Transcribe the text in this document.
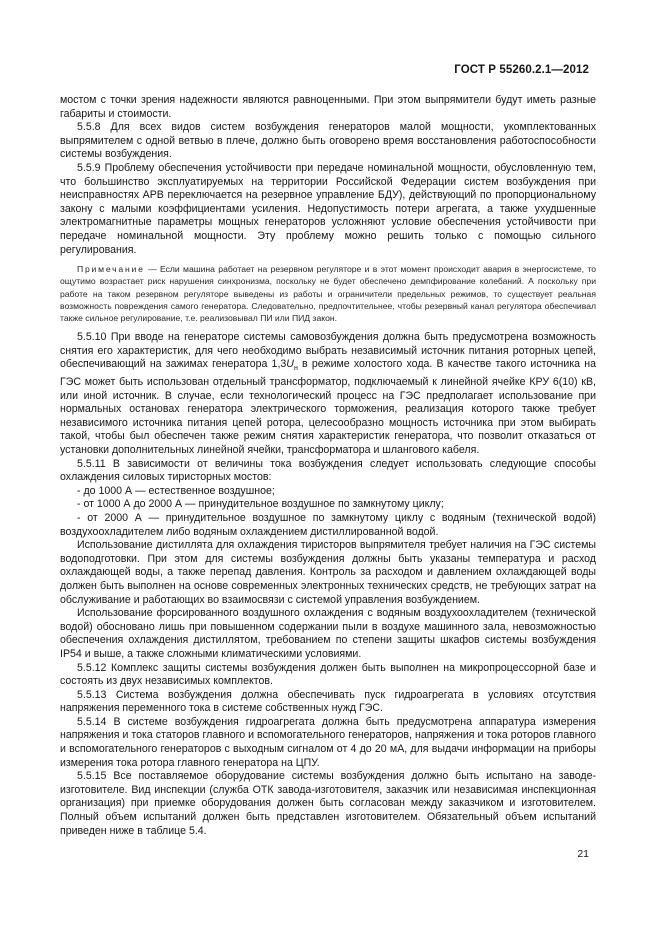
ГОСТ Р 55260.2.1—2012

мостом с точки зрения надежности являются равноценными. При этом выпрямители будут иметь разные габариты и стоимости.

5.5.8 Для всех видов систем возбуждения генераторов малой мощности, укомплектованных выпрямителем с одной ветвью в плече, должно быть оговорено время восстановления работоспособности системы возбуждения.

5.5.9 Проблему обеспечения устойчивости при передаче номинальной мощности, обусловленную тем, что большинство эксплуатируемых на территории Российской Федерации систем возбуждения при неисправностях АРВ переключается на резервное управление БДУ), действующий по пропорциональному закону с малыми коэффициентами усиления. Недопустимость потери агрегата, а также ухудшенные электромагнитные параметры мощных генераторов усложняют условие обеспечения устойчивости при передаче номинальной мощности. Эту проблему можно решить только с помощью сильного регулирования.

Примечание — Если машина работает на резервном регуляторе и в этот момент происходит авария в энергосистеме, то ощутимо возрастает риск нарушения синхронизма, поскольку не будет обеспечено демпфирование колебаний. А поскольку при работе на таком резервном регуляторе выведены из работы и ограничители предельных режимов, то существует реальная возможность повреждения самого генератора. Следовательно, предпочтительнее, чтобы резервный канал регулятора обеспечивал также сильное регулирование, т.е. реализовывал ПИ или ПИД закон.

5.5.10 При вводе на генераторе системы самовозбуждения должна быть предусмотрена возможность снятия его характеристик, для чего необходимо выбрать независимый источник питания роторных цепей, обеспечивающий на зажимах генератора $1,3U_н$ в режиме холостого хода. В качестве такого источника на ГЭС может быть использован отдельный трансформатор, подключаемый к линейной ячейке КРУ 6(10) кВ, или иной источник. В случае, если технологический процесс на ГЭС предполагает использование при нормальных остановах генератора электрического торможения, реализация которого также требует независимого источника питания цепей ротора, целесообразно мощность источника при этом выбирать такой, чтобы был обеспечен также режим снятия характеристик генератора, что позволит отказаться от установки дополнительных линейной ячейки, трансформатора и шлангового кабеля.

5.5.11 В зависимости от величины тока возбуждения следует использовать следующие способы охлаждения силовых тиристорных мостов:

- до 1000 А — естественное воздушное;

- от 1000 А до 2000 А — принудительное воздушное по замкнутому циклу;

- от 2000 А — принудительное воздушное по замкнутому циклу с водяным (технической водой) воздухоохладителем либо водяным охлаждением дистиллированной водой.

Использование дистиллята для охлаждения тиристоров выпрямителя требует наличия на ГЭС системы водоподготовки. При этом для системы возбуждения должны быть указаны температура и расход охлаждающей воды, а также перепад давления. Контроль за расходом и давлением охлаждающей воды должен быть выполнен на основе современных электронных технических средств, не требующих затрат на обслуживание и работающих во взаимосвязи с системой управления возбуждением.

Использование форсированного воздушного охлаждения с водяным воздухоохладителем (технической водой) обосновано лишь при повышенном содержании пыли в воздухе машинного зала, невозможностью обеспечения охлаждения дистиллятом, требованием по степени защиты шкафов системы возбуждения IP54 и выше, а также сложными климатическими условиями.

5.5.12 Комплекс защиты системы возбуждения должен быть выполнен на микропроцессорной базе и состоять из двух независимых комплектов.

5.5.13 Система возбуждения должна обеспечивать пуск гидроагрегата в условиях отсутствия напряжения переменного тока в системе собственных нужд ГЭС.

5.5.14 В системе возбуждения гидроагрегата должна быть предусмотрена аппаратура измерения напряжения и тока статоров главного и вспомогательного генераторов, напряжения и тока роторов главного и вспомогательного генераторов с выходным сигналом от 4 до 20 мА, для выдачи информации на приборы измерения тока ротора главного генератора на ЦПУ.

5.5.15 Все поставляемое оборудование системы возбуждения должно быть испытано на заводе-изготовителе. Вид инспекции (служба ОТК завода-изготовителя, заказчик или независимая инспекционная организация) при приемке оборудования должен быть согласован между заказчиком и изготовителем. Полный объем испытаний должен быть представлен изготовителем. Обязательный объем испытаний приведен ниже в таблице 5.4.

21
